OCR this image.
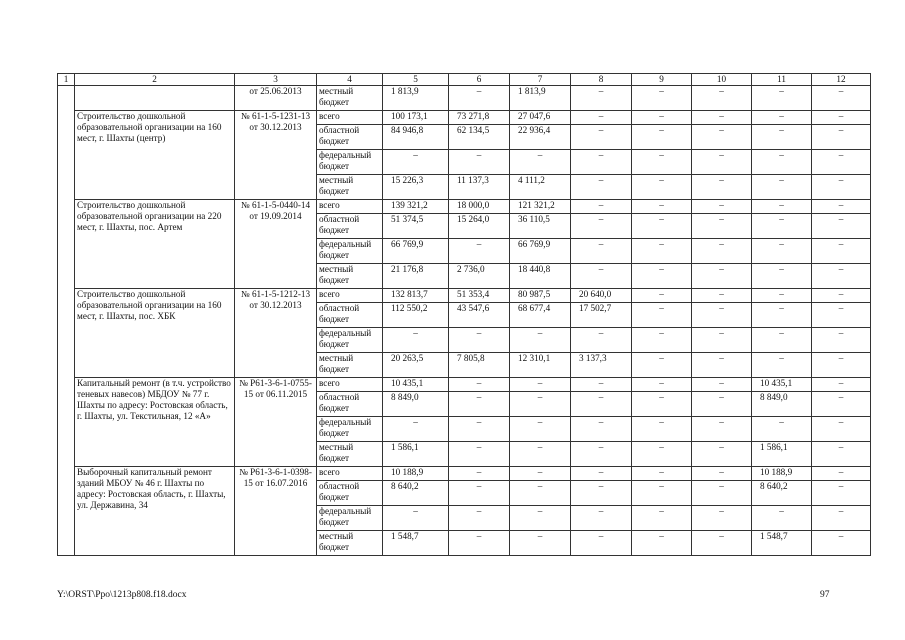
1	2	3	4	5	6	7	8	9	10	11	12
		от 25.06.2013	местный бюджет	1 813,9	–	1 813,9	–	–	–	–	–
	Строительство дошкольной образовательной организации на 160 мест, г. Шахты (центр)	№ 61-1-5-1231-13 от 30.12.2013	всего	100 173,1	73 271,8	27 047,6	–	–	–	–	–
			областной бюджет	84 946,8	62 134,5	22 936,4	–	–	–	–	–
			федеральный бюджет	–	–	–	–	–	–	–	–
			местный бюджет	15 226,3	11 137,3	4 111,2	–	–	–	–	–
	Строительство дошкольной образовательной организации на 220 мест, г. Шахты, пос. Артем	№ 61-1-5-0440-14 от 19.09.2014	всего	139 321,2	18 000,0	121 321,2	–	–	–	–	–
			областной бюджет	51 374,5	15 264,0	36 110,5	–	–	–	–	–
			федеральный бюджет	66 769,9	–	66 769,9	–	–	–	–	–
			местный бюджет	21 176,8	2 736,0	18 440,8	–	–	–	–	–
	Строительство дошкольной образовательной организации на 160 мест, г. Шахты, пос. ХБК	№ 61-1-5-1212-13 от 30.12.2013	всего	132 813,7	51 353,4	80 987,5	20 640,0	–	–	–	–
			областной бюджет	112 550,2	43 547,6	68 677,4	17 502,7	–	–	–	–
			федеральный бюджет	–	–	–	–	–	–	–	–
			местный бюджет	20 263,5	7 805,8	12 310,1	3 137,3	–	–	–	–
	Капитальный ремонт (в т.ч. устройство теневых навесов) МБДОУ № 77 г. Шахты по адресу: Ростовская область, г. Шахты, ул. Текстильная, 12 «А»	№ Р61-3-6-1-0755-15 от 06.11.2015	всего	10 435,1	–	–	–	–	–	10 435,1	–
			областной бюджет	8 849,0	–	–	–	–	–	8 849,0	–
			федеральный бюджет	–	–	–	–	–	–	–	–
			местный бюджет	1 586,1	–	–	–	–	–	1 586,1	–
	Выборочный капитальный ремонт зданий МБОУ № 46 г. Шахты по адресу: Ростовская область, г. Шахты, ул. Державина, 34	№ Р61-3-6-1-0398-15 от 16.07.2016	всего	10 188,9	–	–	–	–	–	10 188,9	–
			областной бюджет	8 640,2	–	–	–	–	–	8 640,2	–
			федеральный бюджет	–	–	–	–	–	–	–	–
			местный бюджет	1 548,7	–	–	–	–	–	1 548,7	–
Y:\ORST\Ppo\1213p808.f18.docx	97
